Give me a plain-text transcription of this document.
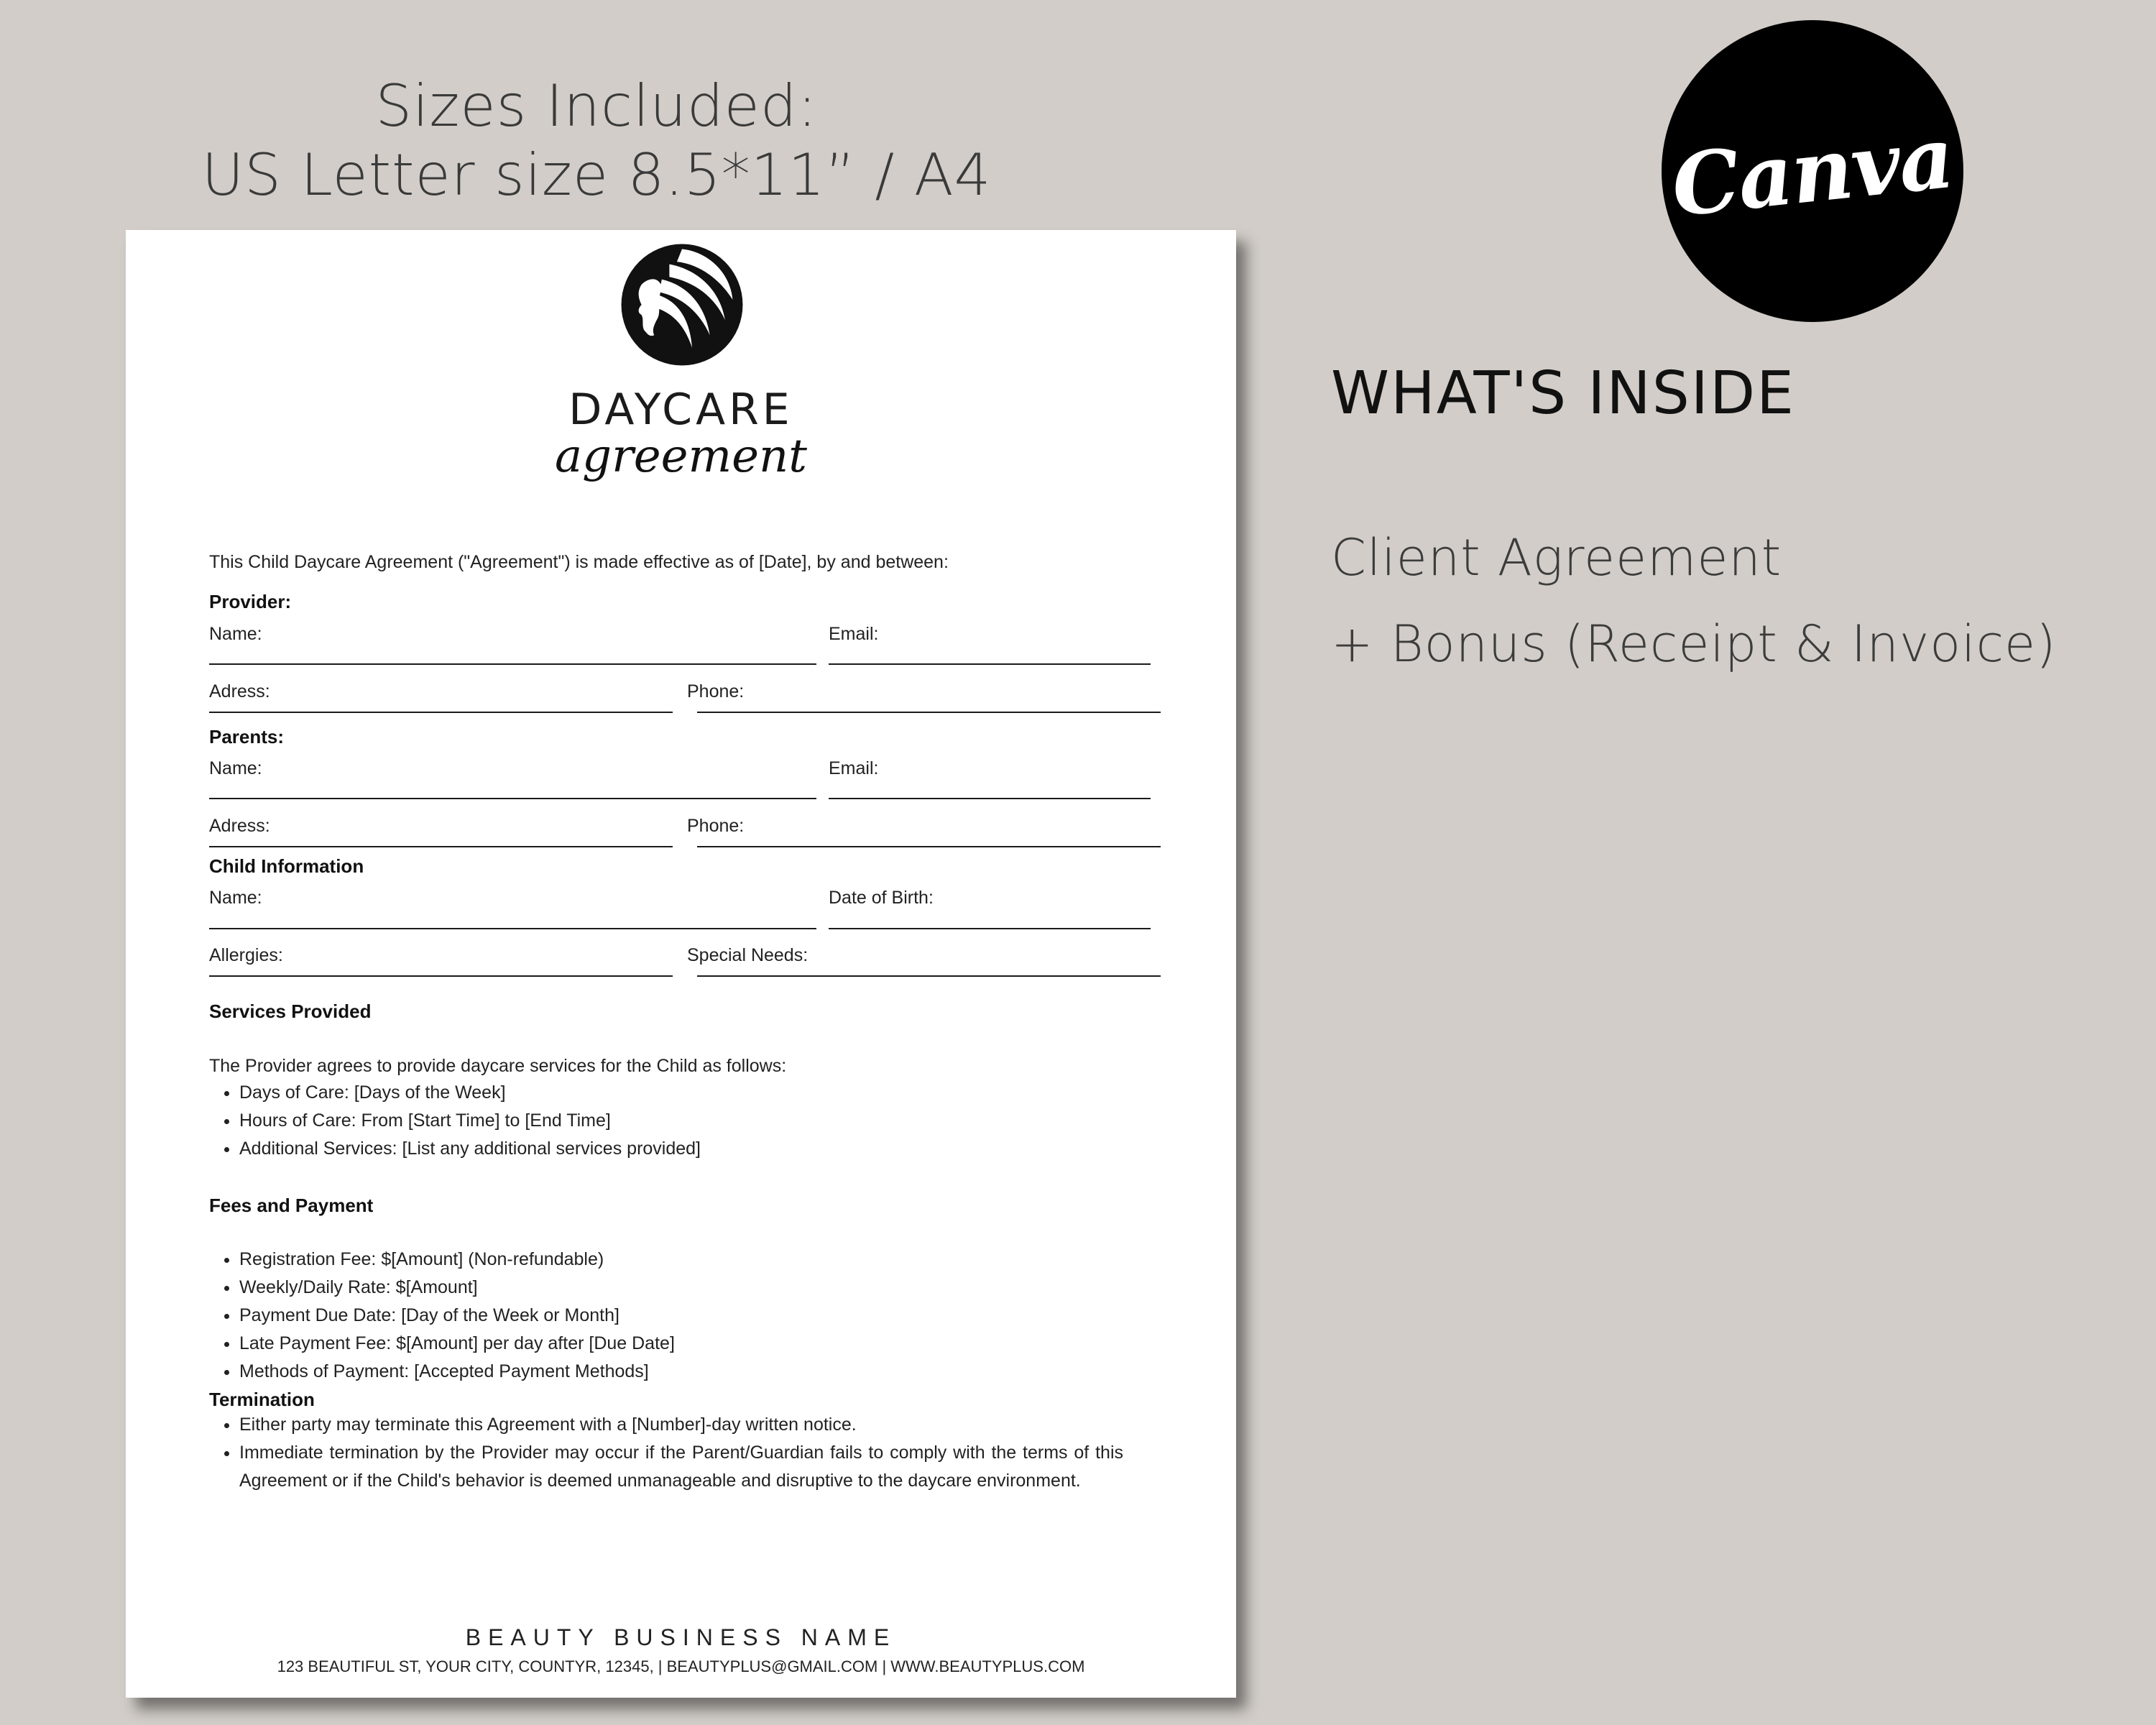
Sizes Included:
US Letter size 8.5*11” / A4	Canva
WHAT'S INSIDE
Client Agreement
+ Bonus (Receipt & Invoice)
DAYCARE
agreement
This Child Daycare Agreement ("Agreement") is made effective as of [Date], by and between:
Provider:
Name:	Email:
Adress:	Phone:
Parents:
Name:	Email:
Adress:	Phone:
Child Information
Name:	Date of Birth:
Allergies:	Special Needs:
Services Provided
The Provider agrees to provide daycare services for the Child as follows:
• Days of Care: [Days of the Week]
• Hours of Care: From [Start Time] to [End Time]
• Additional Services: [List any additional services provided]
Fees and Payment
• Registration Fee: $[Amount] (Non-refundable)
• Weekly/Daily Rate: $[Amount]
• Payment Due Date: [Day of the Week or Month]
• Late Payment Fee: $[Amount] per day after [Due Date]
• Methods of Payment: [Accepted Payment Methods]
Termination
• Either party may terminate this Agreement with a [Number]-day written notice.
• Immediate termination by the Provider may occur if the Parent/Guardian fails to comply with the terms of this Agreement or if the Child's behavior is deemed unmanageable and disruptive to the daycare environment.
BEAUTY BUSINESS NAME
123 BEAUTIFUL ST, YOUR CITY, COUNTYR, 12345, | BEAUTYPLUS@GMAIL.COM | WWW.BEAUTYPLUS.COM
